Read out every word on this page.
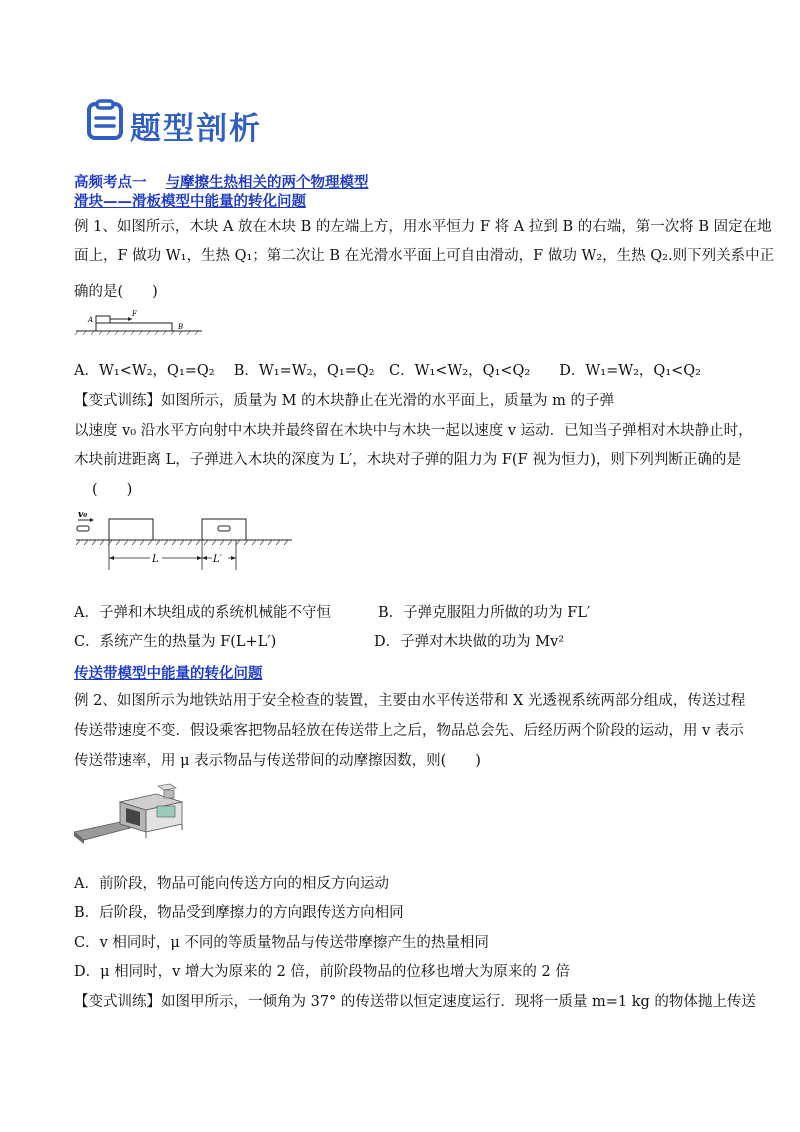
题型剖析
高频考点一 与摩擦生热相关的两个物理模型
滑块——滑板模型中能量的转化问题
例 1、如图所示，木块 A 放在木块 B 的左端上方，用水平恒力 F 将 A 拉到 B 的右端，第一次将 B 固定在地
面上，F 做功 W₁，生热 Q₁；第二次让 B 在光滑水平面上可自由滑动，F 做功 W₂，生热 Q₂.则下列关系中正
确的是(　　)
A
F
B
A．W₁<W₂，Q₁=Q₂　 B．W₁=W₂，Q₁=Q₂　C．W₁<W₂，Q₁<Q₂　　D．W₁=W₂，Q₁<Q₂
【变式训练】如图所示，质量为 M 的木块静止在光滑的水平面上，质量为 m 的子弹
以速度 v₀ 沿水平方向射中木块并最终留在木块中与木块一起以速度 v 运动．已知当子弹相对木块静止时，
木块前进距离 L，子弹进入木块的深度为 L′，木块对子弹的阻力为 F(F 视为恒力)，则下列判断正确的是
(　　)
v₀
L	L′
A．子弹和木块组成的系统机械能不守恒	B．子弹克服阻力所做的功为 FL′
C．系统产生的热量为 F(L+L′)	D．子弹对木块做的功为 Mv²
传送带模型中能量的转化问题
例 2、如图所示为地铁站用于安全检查的装置，主要由水平传送带和 X 光透视系统两部分组成，传送过程
传送带速度不变．假设乘客把物品轻放在传送带上之后，物品总会先、后经历两个阶段的运动，用 v 表示
传送带速率，用 μ 表示物品与传送带间的动摩擦因数，则(　　)
A．前阶段，物品可能向传送方向的相反方向运动
B．后阶段，物品受到摩擦力的方向跟传送方向相同
C．v 相同时，μ 不同的等质量物品与传送带摩擦产生的热量相同
D．μ 相同时，v 增大为原来的 2 倍，前阶段物品的位移也增大为原来的 2 倍
【变式训练】如图甲所示，一倾角为 37° 的传送带以恒定速度运行．现将一质量 m=1 kg 的物体抛上传送
